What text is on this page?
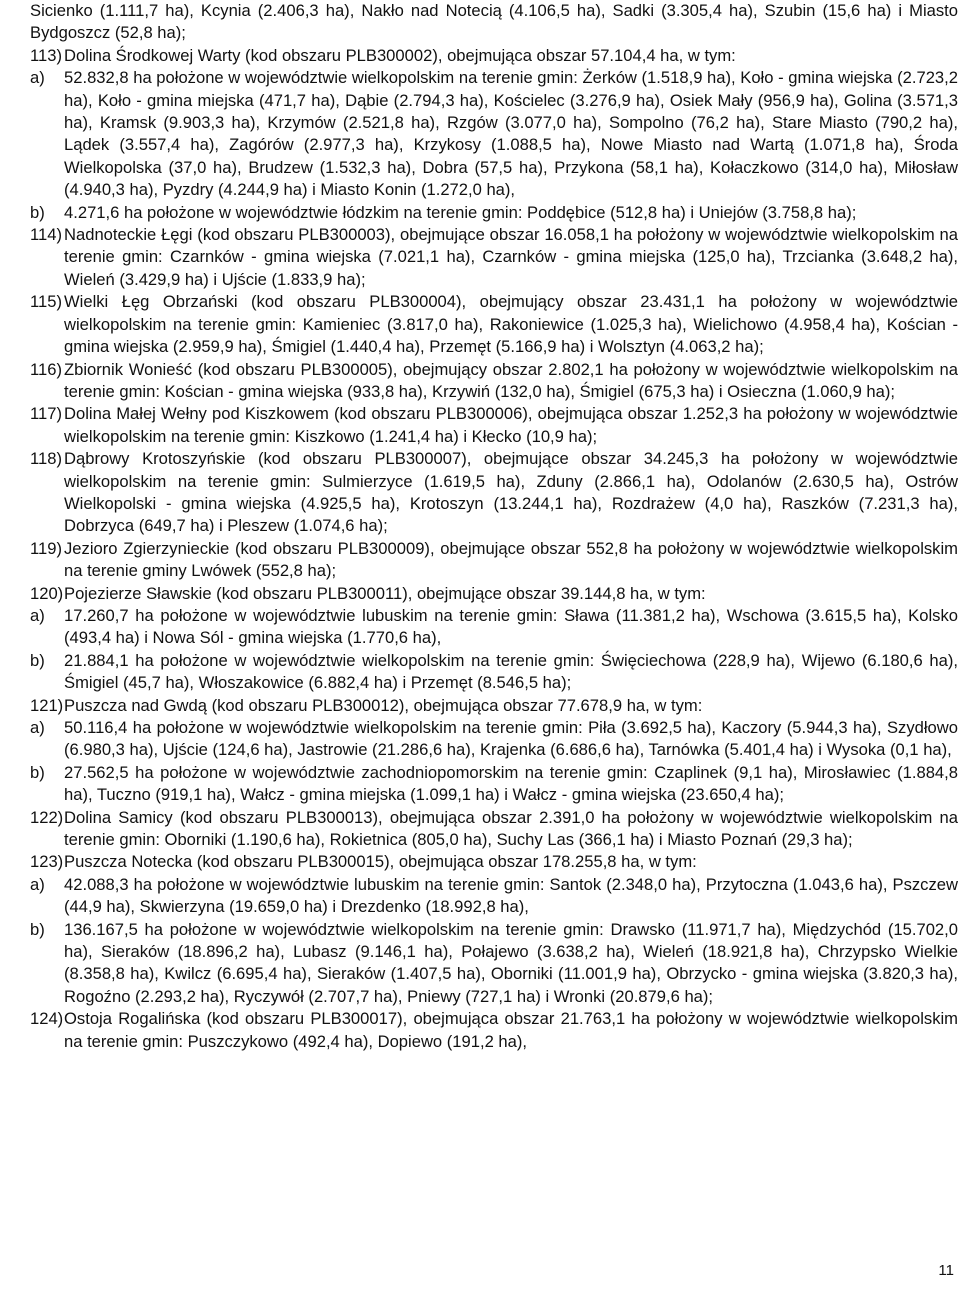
Sicienko (1.111,7 ha), Kcynia (2.406,3 ha), Nakło nad Notecią (4.106,5 ha), Sadki (3.305,4 ha), Szubin (15,6 ha) i Miasto Bydgoszcz (52,8 ha);

113) Dolina Środkowej Warty (kod obszaru PLB300002), obejmująca obszar 57.104,4 ha, w tym:
a)	52.832,8 ha położone w województwie wielkopolskim na terenie gmin: Żerków (1.518,9 ha), Koło - gmina wiejska (2.723,2 ha), Koło - gmina miejska (471,7 ha), Dąbie (2.794,3 ha), Kościelec (3.276,9 ha), Osiek Mały (956,9 ha), Golina (3.571,3 ha), Kramsk (9.903,3 ha), Krzymów (2.521,8 ha), Rzgów (3.077,0 ha), Sompolno (76,2 ha), Stare Miasto (790,2 ha), Lądek (3.557,4 ha), Zagórów (2.977,3 ha), Krzykosy (1.088,5 ha), Nowe Miasto nad Wartą (1.071,8 ha), Środa Wielkopolska (37,0 ha), Brudzew (1.532,3 ha), Dobra (57,5 ha), Przykona (58,1 ha), Kołaczkowo (314,0 ha), Miłosław (4.940,3 ha), Pyzdry (4.244,9 ha) i Miasto Konin (1.272,0 ha),
b)	4.271,6 ha położone w województwie łódzkim na terenie gmin: Poddębice (512,8 ha) i Uniejów (3.758,8 ha);
114) Nadnoteckie Łęgi (kod obszaru PLB300003), obejmujące obszar 16.058,1 ha położony w województwie wielkopolskim na terenie gmin: Czarnków - gmina wiejska (7.021,1 ha), Czarnków - gmina miejska (125,0 ha), Trzcianka (3.648,2 ha), Wieleń (3.429,9 ha) i Ujście (1.833,9 ha);
115) Wielki Łęg Obrzański (kod obszaru PLB300004), obejmujący obszar 23.431,1 ha położony w województwie wielkopolskim na terenie gmin: Kamieniec (3.817,0 ha), Rakoniewice (1.025,3 ha), Wielichowo (4.958,4 ha), Kościan - gmina wiejska (2.959,9 ha), Śmigiel (1.440,4 ha), Przemęt (5.166,9 ha) i Wolsztyn (4.063,2 ha);
116) Zbiornik Wonieść (kod obszaru PLB300005), obejmujący obszar 2.802,1 ha położony w województwie wielkopolskim na terenie gmin: Kościan - gmina wiejska (933,8 ha), Krzywiń (132,0 ha), Śmigiel (675,3 ha) i Osieczna (1.060,9 ha);
117) Dolina Małej Wełny pod Kiszkowem (kod obszaru PLB300006), obejmująca obszar 1.252,3 ha położony w województwie wielkopolskim na terenie gmin: Kiszkowo (1.241,4 ha) i Kłecko (10,9 ha);
118) Dąbrowy Krotoszyńskie (kod obszaru PLB300007), obejmujące obszar 34.245,3 ha położony w województwie wielkopolskim na terenie gmin: Sulmierzyce (1.619,5 ha), Zduny (2.866,1 ha), Odolanów (2.630,5 ha), Ostrów Wielkopolski - gmina wiejska (4.925,5 ha), Krotoszyn (13.244,1 ha), Rozdrażew (4,0 ha), Raszków (7.231,3 ha), Dobrzyca (649,7 ha) i Pleszew (1.074,6 ha);
119) Jezioro Zgierzynieckie (kod obszaru PLB300009), obejmujące obszar 552,8 ha położony w województwie wielkopolskim na terenie gminy Lwówek (552,8 ha);
120) Pojezierze Sławskie (kod obszaru PLB300011), obejmujące obszar 39.144,8 ha, w tym:
a)	17.260,7 ha położone w województwie lubuskim na terenie gmin: Sława (11.381,2 ha), Wschowa (3.615,5 ha), Kolsko (493,4 ha) i Nowa Sól - gmina wiejska (1.770,6 ha),
b)	21.884,1 ha położone w województwie wielkopolskim na terenie gmin: Święciechowa (228,9 ha), Wijewo (6.180,6 ha), Śmigiel (45,7 ha), Włoszakowice (6.882,4 ha) i Przemęt (8.546,5 ha);
121) Puszcza nad Gwdą (kod obszaru PLB300012), obejmująca obszar 77.678,9 ha, w tym:
a)	50.116,4 ha położone w województwie wielkopolskim na terenie gmin: Piła (3.692,5 ha), Kaczory (5.944,3 ha), Szydłowo (6.980,3 ha), Ujście (124,6 ha), Jastrowie (21.286,6 ha), Krajenka (6.686,6 ha), Tarnówka (5.401,4 ha) i Wysoka (0,1 ha),
b)	27.562,5 ha położone w województwie zachodniopomorskim na terenie gmin: Czaplinek (9,1 ha), Mirosławiec (1.884,8 ha), Tuczno (919,1 ha), Wałcz - gmina miejska (1.099,1 ha) i Wałcz - gmina wiejska (23.650,4 ha);
122) Dolina Samicy (kod obszaru PLB300013), obejmująca obszar 2.391,0 ha położony w województwie wielkopolskim na terenie gmin: Oborniki (1.190,6 ha), Rokietnica (805,0 ha), Suchy Las (366,1 ha) i Miasto Poznań (29,3 ha);
123) Puszcza Notecka (kod obszaru PLB300015), obejmująca obszar 178.255,8 ha, w tym:
a)	42.088,3 ha położone w województwie lubuskim na terenie gmin: Santok (2.348,0 ha), Przytoczna (1.043,6 ha), Pszczew (44,9 ha), Skwierzyna (19.659,0 ha) i Drezdenko (18.992,8 ha),
b)	136.167,5 ha położone w województwie wielkopolskim na terenie gmin: Drawsko (11.971,7 ha), Międzychód (15.702,0 ha), Sieraków (18.896,2 ha), Lubasz (9.146,1 ha), Połajewo (3.638,2 ha), Wieleń (18.921,8 ha), Chrzypsko Wielkie (8.358,8 ha), Kwilcz (6.695,4 ha), Sieraków (1.407,5 ha), Oborniki (11.001,9 ha), Obrzycko - gmina wiejska (3.820,3 ha), Rogoźno (2.293,2 ha), Ryczywół (2.707,7 ha), Pniewy (727,1 ha) i Wronki (20.879,6 ha);
124) Ostoja Rogalińska (kod obszaru PLB300017), obejmująca obszar 21.763,1 ha położony w województwie wielkopolskim na terenie gmin: Puszczykowo (492,4 ha), Dopiewo (191,2 ha),
11
